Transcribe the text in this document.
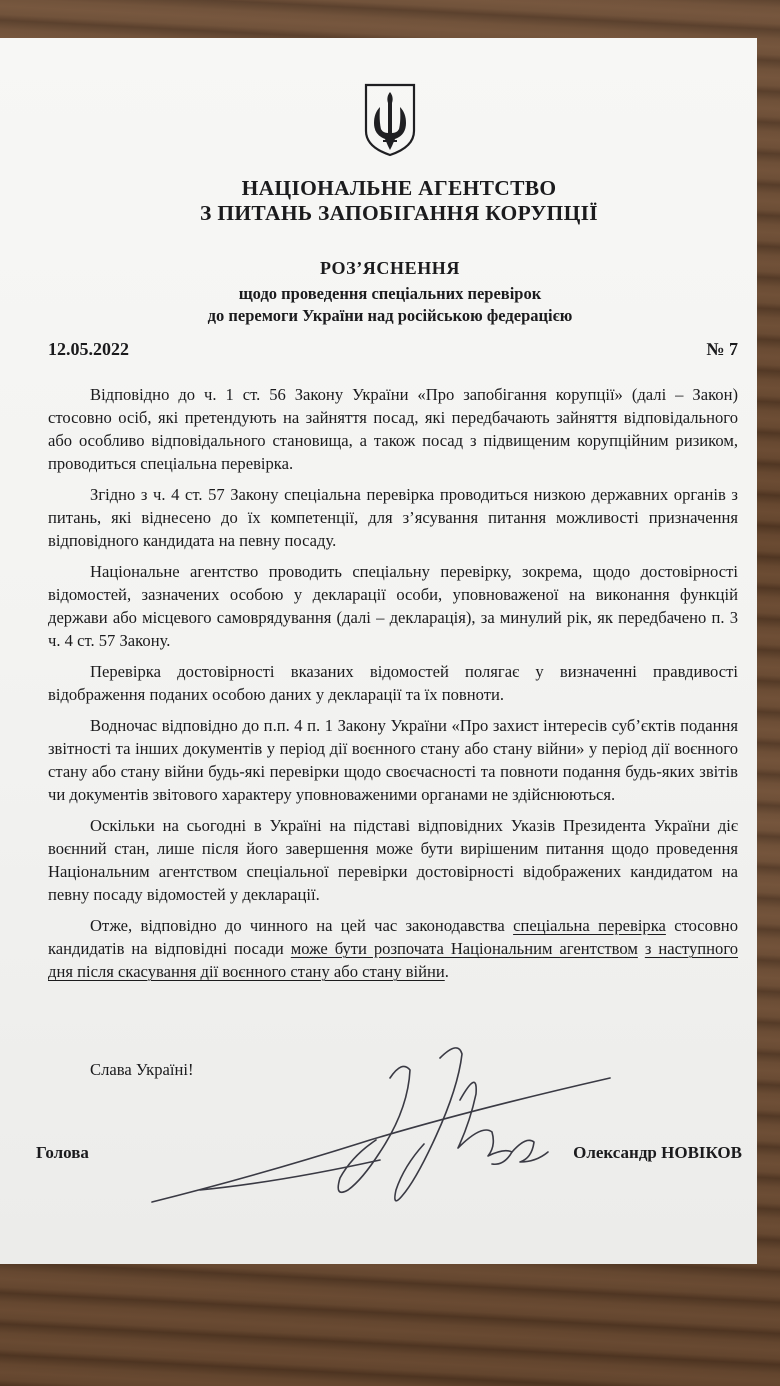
НАЦІОНАЛЬНЕ АГЕНТСТВО
З ПИТАНЬ ЗАПОБІГАННЯ КОРУПЦІЇ
РОЗ’ЯСНЕННЯ
щодо проведення спеціальних перевірок
до перемоги України над російською федерацією
12.05.2022	№ 7

Відповідно до ч. 1 ст. 56 Закону України «Про запобігання корупції» (далі – Закон) стосовно осіб, які претендують на зайняття посад, які передбачають зайняття відповідального або особливо відповідального становища, а також посад з підвищеним корупційним ризиком, проводиться спеціальна перевірка.

Згідно з ч. 4 ст. 57 Закону спеціальна перевірка проводиться низкою державних органів з питань, які віднесено до їх компетенції, для з’ясування питання можливості призначення відповідного кандидата на певну посаду.

Національне агентство проводить спеціальну перевірку, зокрема, щодо достовірності відомостей, зазначених особою у декларації особи, уповноваженої на виконання функцій держави або місцевого самоврядування (далі – декларація), за минулий рік, як передбачено п. 3 ч. 4 ст. 57 Закону.

Перевірка достовірності вказаних відомостей полягає у визначенні правдивості відображення поданих особою даних у декларації та їх повноти.

Водночас відповідно до п.п. 4 п. 1 Закону України «Про захист інтересів суб’єктів подання звітності та інших документів у період дії воєнного стану або стану війни» у період дії воєнного стану або стану війни будь-які перевірки щодо своєчасності та повноти подання будь-яких звітів чи документів звітового характеру уповноваженими органами не здійснюються.

Оскільки на сьогодні в Україні на підставі відповідних Указів Президента України діє воєнний стан, лише після його завершення може бути вирішеним питання щодо проведення Національним агентством спеціальної перевірки достовірності відображених кандидатом на певну посаду відомостей у декларації.

Отже, відповідно до чинного на цей час законодавства спеціальна перевірка стосовно кандидатів на відповідні посади може бути розпочата Національним агентством з наступного дня після скасування дії воєнного стану або стану війни.

Слава Україні!
Голова	Олександр НОВІКОВ
